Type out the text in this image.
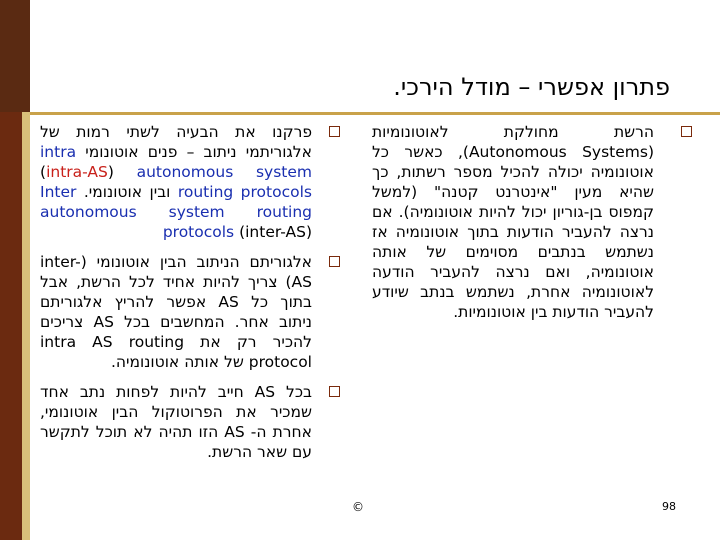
פתרון אפשרי – מודל הירכי.
הרשת מחולקת לאוטונומיות (Autonomous Systems), כאשר כל אוטונומיה יכולה להכיל מספר רשתות, כך שהיא מעין "אינטרנט קטנה" (למשל קמפוס בן-גוריון יכול להיות אוטונומיה). אם נרצה להעביר הודעות בתוך אוטונומיה אז נשתמש בנתבים מסוימים של אותה אוטונומיה, ואם נרצה להעביר הודעה לאוטונומיה אחרת, נשתמש בנתב שיודע להעביר הודעות בין אוטונומיות.
פרקנו את הבעיה לשתי רמות של אלגוריתמי ניתוב – פנים אוטונומי intra autonomous system (intra-AS) routing protocols ובין אוטונומי. Inter autonomous system routing protocols (inter-AS)
אלגוריתם הניתוב הבין אוטונומי (inter-AS) צריך להיות אחיד לכל הרשת, אבל בתוך כל AS אפשר להריץ אלגוריתם ניתוב אחר. המחשבים בכל AS צריכים להכיר רק את intra AS routing protocol של אותה אוטונומיה.
בכל AS חייב להיות לפחות נתב אחד שמכיר את הפרוטוקול הבין אוטונומי, אחרת ה- AS הזו תהיה לא תוכל לתקשר עם שאר הרשת.
©	98
